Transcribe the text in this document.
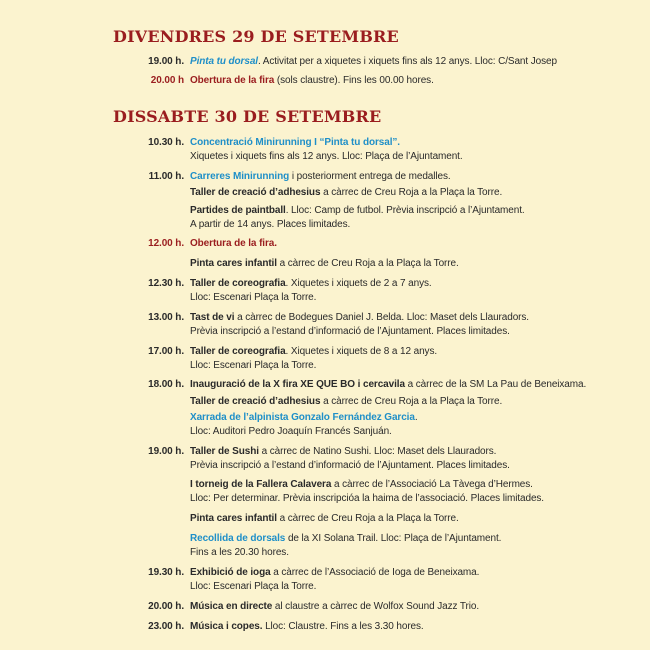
DIVENDRES 29 DE SETEMBRE
19.00 h. Pinta tu dorsal. Activitat per a xiquetes i xiquets fins als 12 anys. Lloc: C/Sant Josep
20.00 h Obertura de la fira (sols claustre). Fins les 00.00 hores.
DISSABTE 30 DE SETEMBRE
10.30 h. Concentració Minirunning I “Pinta tu dorsal”.
Xiquetes i xiquets fins als 12 anys. Lloc: Plaça de l’Ajuntament.
11.00 h. Carreres Minirunning i posteriorment entrega de medalles.
Taller de creació d’adhesius a càrrec de Creu Roja a la Plaça la Torre.
Partides de paintball. Lloc: Camp de futbol. Prèvia inscripció a l’Ajuntament.
A partir de 14 anys. Places limitades.
12.00 h. Obertura de la fira.
Pinta cares infantil a càrrec de Creu Roja a la Plaça la Torre.
12.30 h. Taller de coreografia. Xiquetes i xiquets de 2 a 7 anys.
Lloc: Escenari Plaça la Torre.
13.00 h. Tast de vi a càrrec de Bodegues Daniel J. Belda. Lloc: Maset dels Llauradors.
Prèvia inscripció a l’estand d’informació de l’Ajuntament. Places limitades.
17.00 h. Taller de coreografia. Xiquetes i xiquets de 8 a 12 anys.
Lloc: Escenari Plaça la Torre.
18.00 h. Inauguració de la X fira XE QUE BO i cercavila a càrrec de la SM La Pau de Beneixama.
Taller de creació d’adhesius a càrrec de Creu Roja a la Plaça la Torre.
Xarrada de l’alpinista Gonzalo Fernández Garcia.
Lloc: Auditori Pedro Joaquín Francés Sanjuán.
19.00 h. Taller de Sushi a càrrec de Natino Sushi. Lloc: Maset dels Llauradors.
Prèvia inscripció a l’estand d’informació de l’Ajuntament. Places limitades.
I torneig de la Fallera Calavera a càrrec de l’Associació La Tàvega d’Hermes.
Lloc: Per determinar. Prèvia inscripcióa la haima de l’associació. Places limitades.
Pinta cares infantil a càrrec de Creu Roja a la Plaça la Torre.
Recollida de dorsals de la XI Solana Trail. Lloc: Plaça de l’Ajuntament.
Fins a les 20.30 hores.
19.30 h. Exhibició de ioga a càrrec de l’Associació de Ioga de Beneixama.
Lloc: Escenari Plaça la Torre.
20.00 h. Música en directe al claustre a càrrec de Wolfox Sound Jazz Trio.
23.00 h. Música i copes. Lloc: Claustre. Fins a les 3.30 hores.
